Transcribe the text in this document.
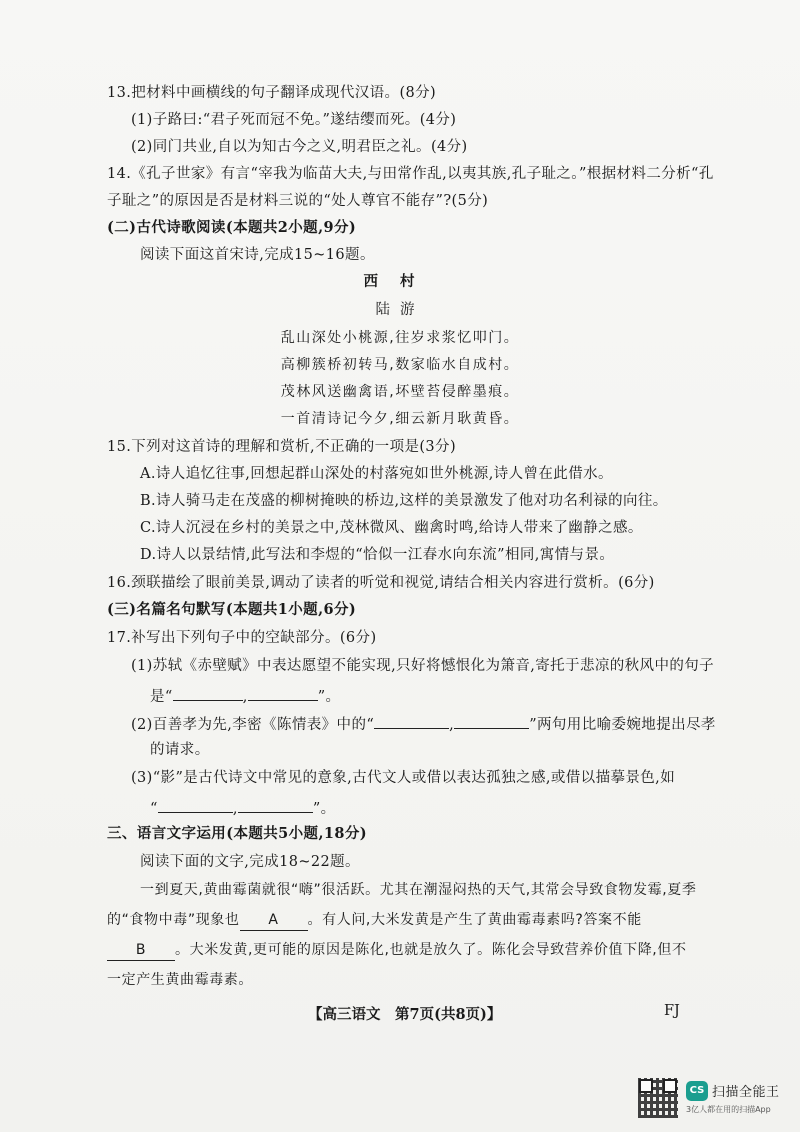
13.把材料中画横线的句子翻译成现代汉语。(8分)
(1)子路曰:“君子死而冠不免。”遂结缨而死。(4分)
(2)同门共业,自以为知古今之义,明君臣之礼。(4分)
14.《孔子世家》有言“宰我为临苗大夫,与田常作乱,以夷其族,孔子耻之。”根据材料二分析“孔
子耻之”的原因是否是材料三说的“处人尊官不能存”?(5分)
(二)古代诗歌阅读(本题共2小题,9分)
阅读下面这首宋诗,完成15~16题。
西村
陆游
乱山深处小桃源,往岁求浆忆叩门。
高柳簇桥初转马,数家临水自成村。
茂林风送幽禽语,坏壁苔侵醉墨痕。
一首清诗记今夕,细云新月耿黄昏。
15.下列对这首诗的理解和赏析,不正确的一项是(3分)
A.诗人追忆往事,回想起群山深处的村落宛如世外桃源,诗人曾在此借水。
B.诗人骑马走在茂盛的柳树掩映的桥边,这样的美景激发了他对功名利禄的向往。
C.诗人沉浸在乡村的美景之中,茂林微风、幽禽时鸣,给诗人带来了幽静之感。
D.诗人以景结情,此写法和李煜的“恰似一江春水向东流”相同,寓情与景。
16.颈联描绘了眼前美景,调动了读者的听觉和视觉,请结合相关内容进行赏析。(6分)
(三)名篇名句默写(本题共1小题,6分)
17.补写出下列句子中的空缺部分。(6分)
(1)苏轼《赤壁赋》中表达愿望不能实现,只好将憾恨化为箫音,寄托于悲凉的秋风中的句子
是“	,	”。
(2)百善孝为先,李密《陈情表》中的“	,	”两句用比喻委婉地提出尽孝
的请求。
(3)“影”是古代诗文中常见的意象,古代文人或借以表达孤独之感,或借以描摹景色,如
“	,	”。
三、语言文字运用(本题共5小题,18分)
阅读下面的文字,完成18~22题。
一到夏天,黄曲霉菌就很“嗨”很活跃。尤其在潮湿闷热的天气,其常会导致食物发霉,夏季
的“食物中毒”现象也 A 。有人问,大米发黄是产生了黄曲霉毒素吗?答案不能
B 。大米发黄,更可能的原因是陈化,也就是放久了。陈化会导致营养价值下降,但不
一定产生黄曲霉毒素。
【高三语文　第7页(共8页)】	FJ
CS 扫描全能王
3亿人都在用的扫描App
